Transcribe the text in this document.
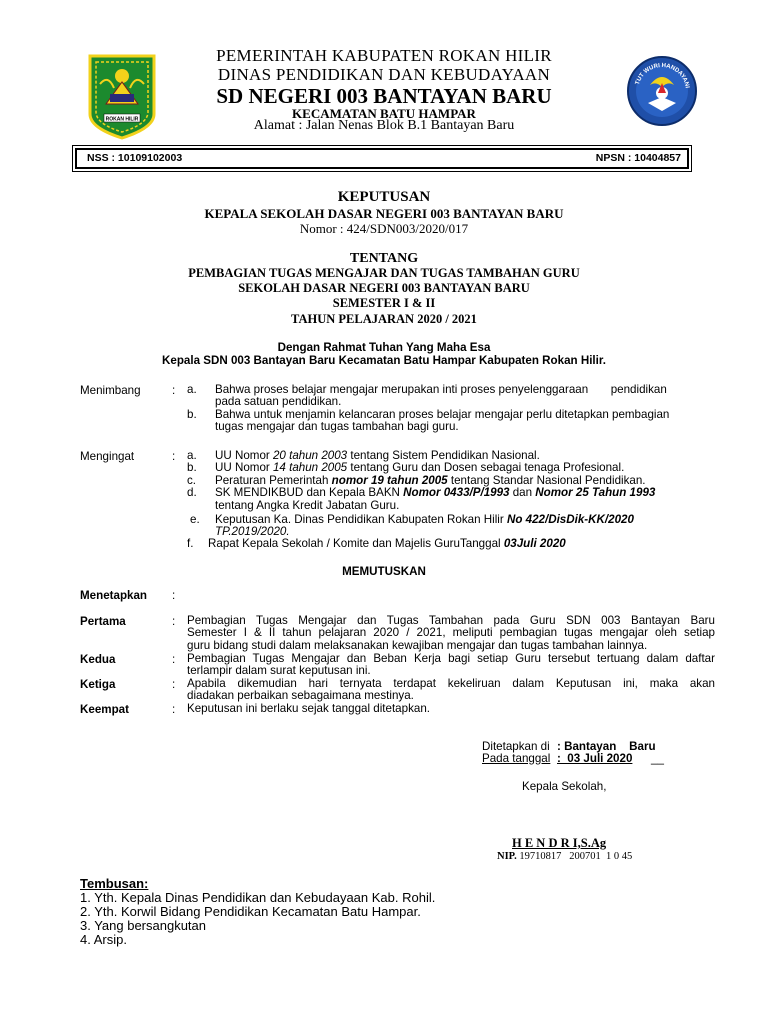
ROKAN HILIR
TUT WURI HANDAYANI
PEMERINTAH KABUPATEN ROKAN HILIR
DINAS PENDIDIKAN DAN KEBUDAYAAN
SD NEGERI 003 BANTAYAN BARU
KECAMATAN BATU HAMPAR
Alamat : Jalan Nenas Blok B.1 Bantayan Baru
NSS : 10109102003	NPSN : 10404857
KEPUTUSAN
KEPALA SEKOLAH DASAR NEGERI 003 BANTAYAN BARU
Nomor : 424/SDN003/2020/017
TENTANG
PEMBAGIAN TUGAS MENGAJAR DAN TUGAS TAMBAHAN GURU
SEKOLAH DASAR NEGERI 003 BANTAYAN BARU
SEMESTER I & II
TAHUN PELAJARAN 2020 / 2021
Dengan Rahmat Tuhan Yang Maha Esa
Kepala SDN 003 Bantayan Baru Kecamatan Batu Hampar Kabupaten Rokan Hilir.
Menimbang	: a. Bahwa proses belajar mengajar merupakan inti proses penyelenggaraan       pendidikan
pada satuan pendidikan.
b. Bahwa untuk menjamin kelancaran proses belajar mengajar perlu ditetapkan pembagian
tugas mengajar dan tugas tambahan bagi guru.
Mengingat	: a. UU Nomor 20 tahun 2003 tentang Sistem Pendidikan Nasional.
b. UU Nomor 14 tahun 2005 tentang Guru dan Dosen sebagai tenaga Profesional.
c. Peraturan Pemerintah nomor 19 tahun 2005 tentang Standar Nasional Pendidikan.
d. SK MENDIKBUD dan Kepala BAKN Nomor 0433/P/1993 dan Nomor 25 Tahun 1993
tentang Angka Kredit Jabatan Guru.
e. Keputusan Ka. Dinas Pendidikan Kabupaten Rokan Hilir No 422/DisDik-KK/2020
TP.2019/2020.
f. Rapat Kepala Sekolah / Komite dan Majelis GuruTanggal 03Juli 2020
MEMUTUSKAN
Menetapkan :
Pertama	: Pembagian Tugas Mengajar dan Tugas Tambahan pada Guru SDN 003 Bantayan Baru
Semester I & II tahun pelajaran 2020 / 2021, meliputi pembagian tugas mengajar oleh setiap
guru bidang studi dalam melaksanakan kewajiban mengajar dan tugas tambahan lainnya.
Kedua	: Pembagian Tugas Mengajar dan Beban Kerja bagi setiap Guru tersebut tertuang dalam daftar
terlampir dalam surat keputusan ini.
Ketiga	: Apabila dikemudian hari ternyata terdapat kekeliruan dalam Keputusan ini, maka akan
diadakan perbaikan sebagaimana mestinya.
Keempat	: Keputusan ini berlaku sejak tanggal ditetapkan.
Ditetapkan di : Bantayan    Baru
Pada tanggal :  03 Juli 2020 __
Kepala Sekolah,
H E N D R I,S.Ag
NIP. 19710817   200701  1 0 45
Tembusan:
1. Yth. Kepala Dinas Pendidikan dan Kebudayaan Kab. Rohil.
2. Yth. Korwil Bidang Pendidikan Kecamatan Batu Hampar.
3. Yang bersangkutan
4. Arsip.
